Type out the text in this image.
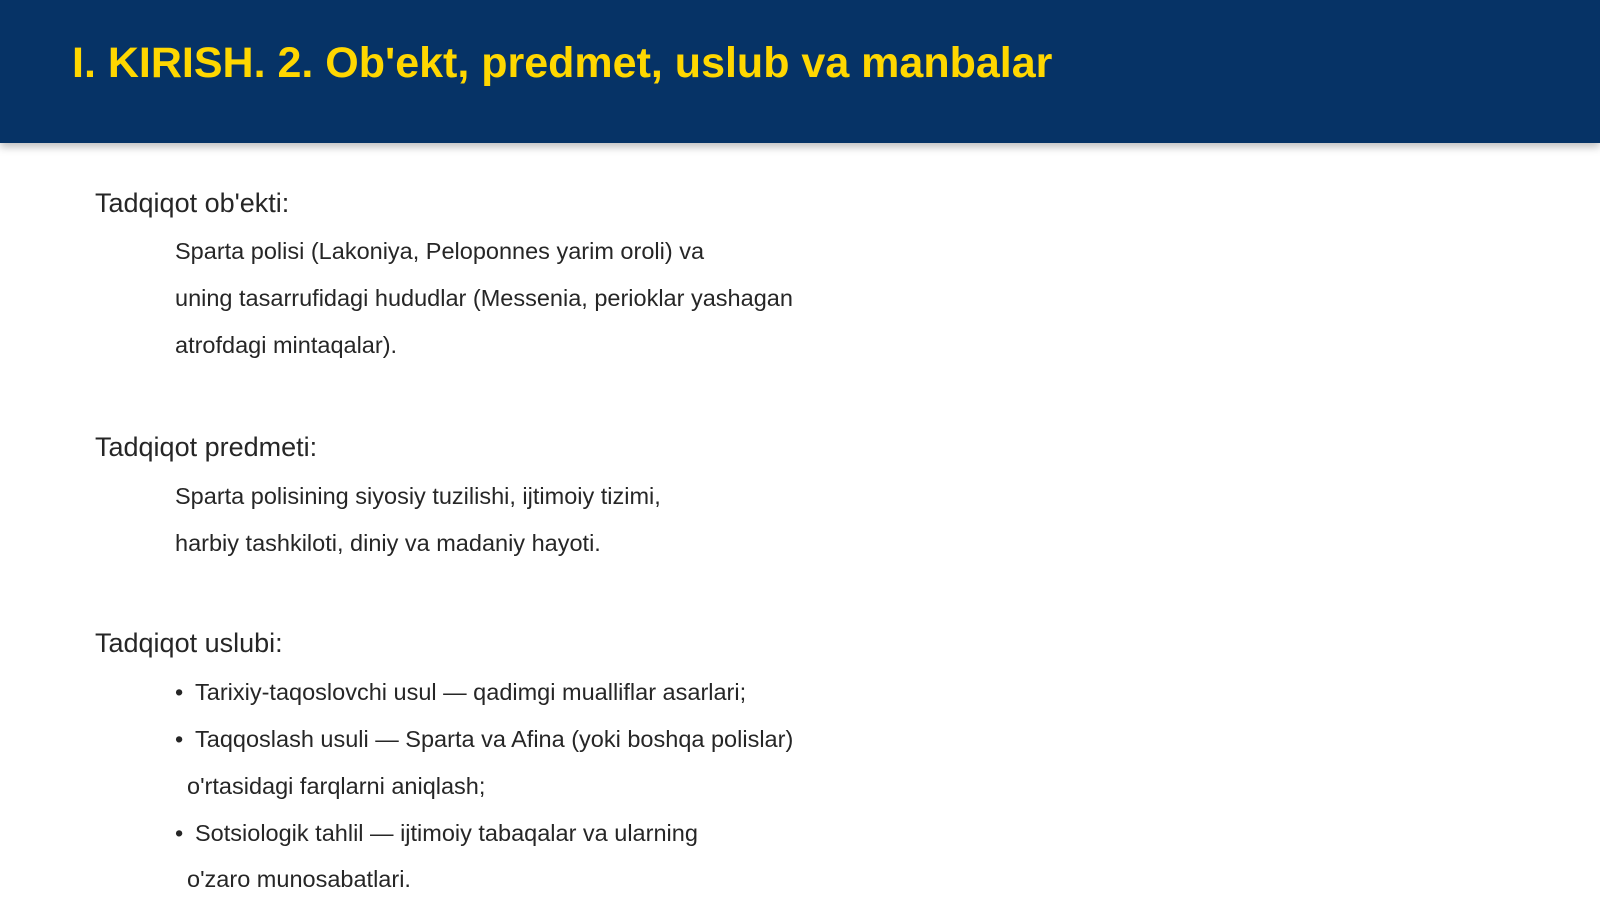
I. KIRISH. 2. Ob'ekt, predmet, uslub va manbalar
Tadqiqot ob'ekti:

Sparta polisi (Lakoniya, Peloponnes yarim oroli) va

uning tasarrufidagi hududlar (Messenia, perioklar yashagan

atrofdagi mintaqalar).

Tadqiqot predmeti:

Sparta polisining siyosiy tuzilishi, ijtimoiy tizimi,

harbiy tashkiloti, diniy va madaniy hayoti.

Tadqiqot uslubi:

• Tarixiy-taqoslovchi usul — qadimgi mualliflar asarlari;

• Taqqoslash usuli — Sparta va Afina (yoki boshqa polislar)

o'rtasidagi farqlarni aniqlash;

• Sotsiologik tahlil — ijtimoiy tabaqalar va ularning

o'zaro munosabatlari.
